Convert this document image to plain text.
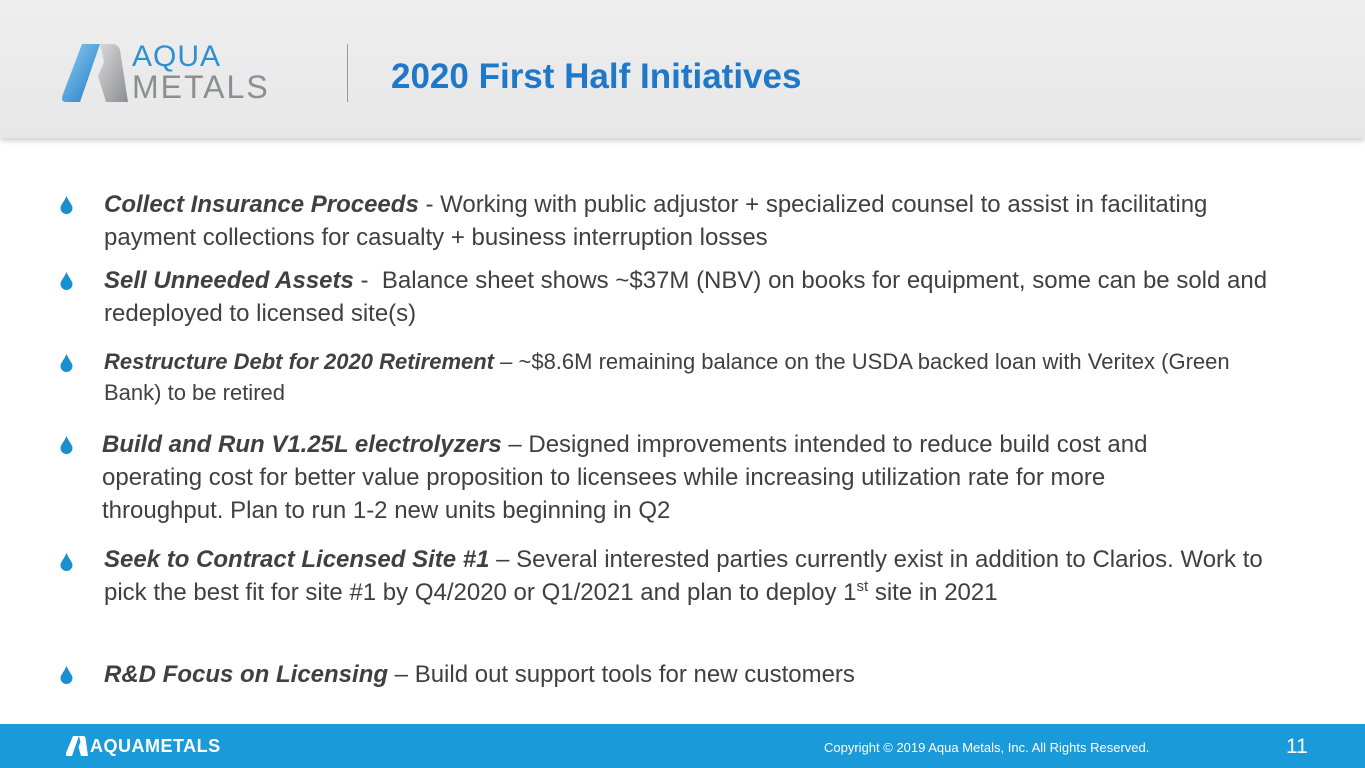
AQUA
METALS	2020 First Half Initiatives

Collect Insurance Proceeds - Working with public adjustor + specialized counsel to assist in facilitating payment collections for casualty + business interruption losses

Sell Unneeded Assets -  Balance sheet shows ~$37M (NBV) on books for equipment, some can be sold and redeployed to licensed site(s)

Restructure Debt for 2020 Retirement – ~$8.6M remaining balance on the USDA backed loan with Veritex (Green Bank) to be retired

Build and Run V1.25L electrolyzers – Designed improvements intended to reduce build cost and operating cost for better value proposition to licensees while increasing utilization rate for more throughput. Plan to run 1-2 new units beginning in Q2

Seek to Contract Licensed Site #1 – Several interested parties currently exist in addition to Clarios. Work to pick the best fit for site #1 by Q4/2020 or Q1/2021 and plan to deploy 1st site in 2021

R&D Focus on Licensing – Build out support tools for new customers

AQUAMETALS	Copyright © 2019 Aqua Metals, Inc. All Rights Reserved.	11
